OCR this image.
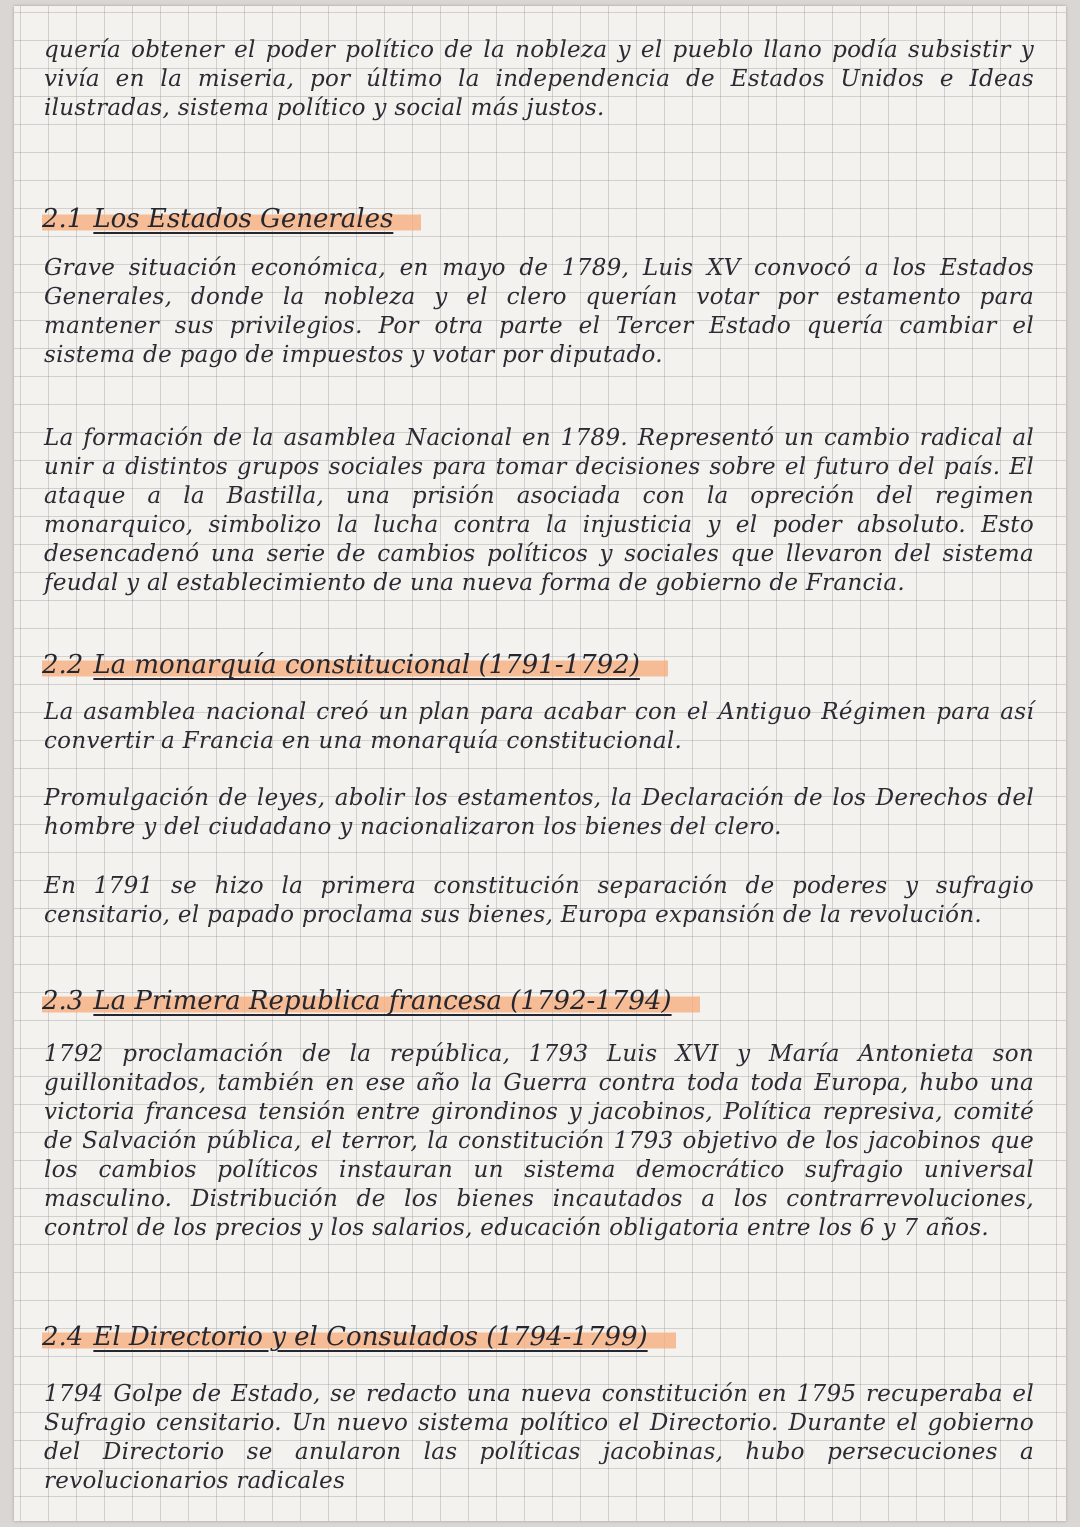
quería obtener el poder político de la nobleza y el pueblo llano podía subsistir y vivía en la miseria, por último la independencia de Estados Unidos e Ideas ilustradas, sistema político y social más justos.

2.1 Los Estados Generales

Grave situación económica, en mayo de 1789, Luis XV convocó a los Estados Generales, donde la nobleza y el clero querían votar por estamento para mantener sus privilegios. Por otra parte el Tercer Estado quería cambiar el sistema de pago de impuestos y votar por diputado.

La formación de la asamblea Nacional en 1789. Representó un cambio radical al unir a distintos grupos sociales para tomar decisiones sobre el futuro del país. El ataque a la Bastilla, una prisión asociada con la opreción del regimen monarquico, simbolizo la lucha contra la injusticia y el poder absoluto. Esto desencadenó una serie de cambios políticos y sociales que llevaron del sistema feudal y al establecimiento de una nueva forma de gobierno de Francia.

2.2 La monarquía constitucional (1791-1792)

La asamblea nacional creó un plan para acabar con el Antiguo Régimen para así convertir a Francia en una monarquía constitucional.

Promulgación de leyes, abolir los estamentos, la Declaración de los Derechos del hombre y del ciudadano y nacionalizaron los bienes del clero.

En 1791 se hizo la primera constitución separación de poderes y sufragio censitario, el papado proclama sus bienes, Europa expansión de la revolución.

2.3 La Primera Republica francesa (1792-1794)

1792 proclamación de la república, 1793 Luis XVI y María Antonieta son guillonitados, también en ese año la Guerra contra toda toda Europa, hubo una victoria francesa tensión entre girondinos y jacobinos, Política represiva, comité de Salvación pública, el terror, la constitución 1793 objetivo de los jacobinos que los cambios políticos instauran un sistema democrático sufragio universal masculino. Distribución de los bienes incautados a los contrarrevoluciones, control de los precios y los salarios, educación obligatoria entre los 6 y 7 años.

2.4 El Directorio y el Consulados (1794-1799)

1794 Golpe de Estado, se redacto una nueva constitución en 1795 recuperaba el Sufragio censitario. Un nuevo sistema político el Directorio. Durante el gobierno del Directorio se anularon las políticas jacobinas, hubo persecuciones a revolucionarios radicales
